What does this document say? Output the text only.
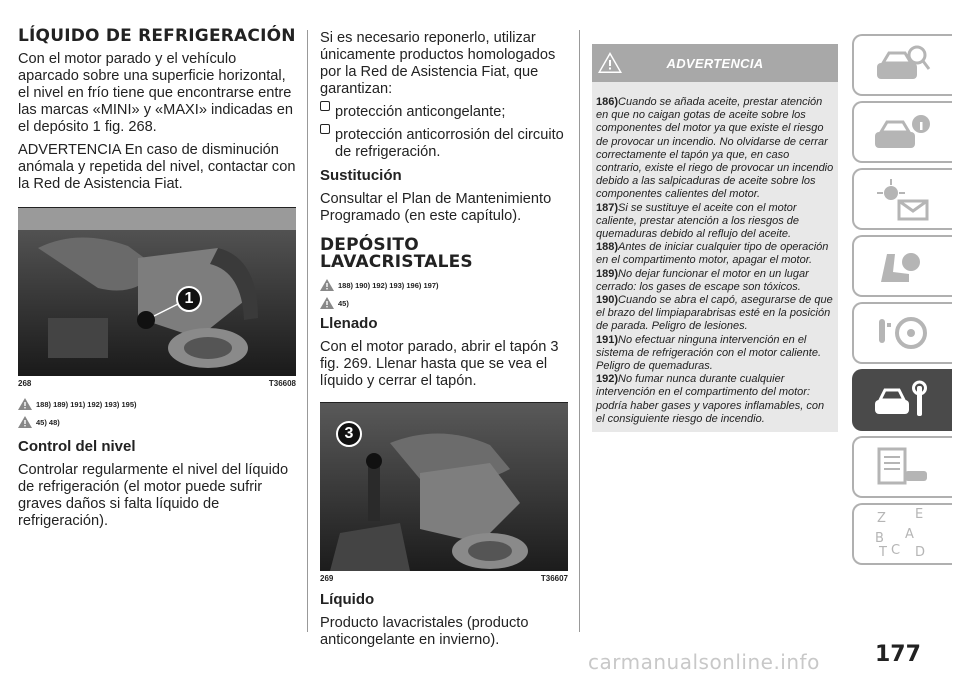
LÍQUIDO DE REFRIGERACIÓN

Con el motor parado y el vehículo aparcado sobre una superficie horizontal, el nivel en frío tiene que encontrarse entre las marcas «MINI» y «MAXI» indicadas en el depósito 1 fig. 268.

ADVERTENCIA En caso de disminución anómala y repetida del nivel, contactar con la Red de Asistencia Fiat.

1
268	T36608
188) 189) 191) 192) 193) 195)
45) 48)
Control del nivel

Controlar regularmente el nivel del líquido de refrigeración (el motor puede sufrir graves daños si falta líquido de refrigeración).

Si es necesario reponerlo, utilizar únicamente productos homologados por la Red de Asistencia Fiat, que garantizan:

protección anticongelante;

protección anticorrosión del circuito de refrigeración.

Sustitución

Consultar el Plan de Mantenimiento Programado (en este capítulo).

DEPÓSITO LAVACRISTALES
188) 190) 192) 193) 196) 197)
45)
Llenado

Con el motor parado, abrir el tapón 3 fig. 269. Llenar hasta que se vea el líquido y cerrar el tapón.

3
269	T36607
Líquido

Producto lavacristales (producto anticongelante en invierno).

ADVERTENCIA

186)Cuando se añada aceite, prestar atención en que no caigan gotas de aceite sobre los componentes del motor ya que existe el riesgo de provocar un incendio. No olvidarse de cerrar correctamente el tapón ya que, en caso contrario, existe el riego de provocar un incendio debido a las salpicaduras de aceite sobre los componentes calientes del motor.

187)Si se sustituye el aceite con el motor caliente, prestar atención a los riesgos de quemaduras debido al reflujo del aceite.

188)Antes de iniciar cualquier tipo de operación en el compartimento motor, apagar el motor.

189)No dejar funcionar el motor en un lugar cerrado: los gases de escape son tóxicos.

190)Cuando se abra el capó, asegurarse de que el brazo del limpiaparabrisas esté en la posición de parada. Peligro de lesiones.

191)No efectuar ninguna intervención en el sistema de refrigeración con el motor caliente. Peligro de quemaduras.

192)No fumar nunca durante cualquier intervención en el compartimento del motor: podría haber gases y vapores inflamables, con el consiguiente riesgo de incendio.

Z E
B A
C
T D
carmanualsonline.info	177
